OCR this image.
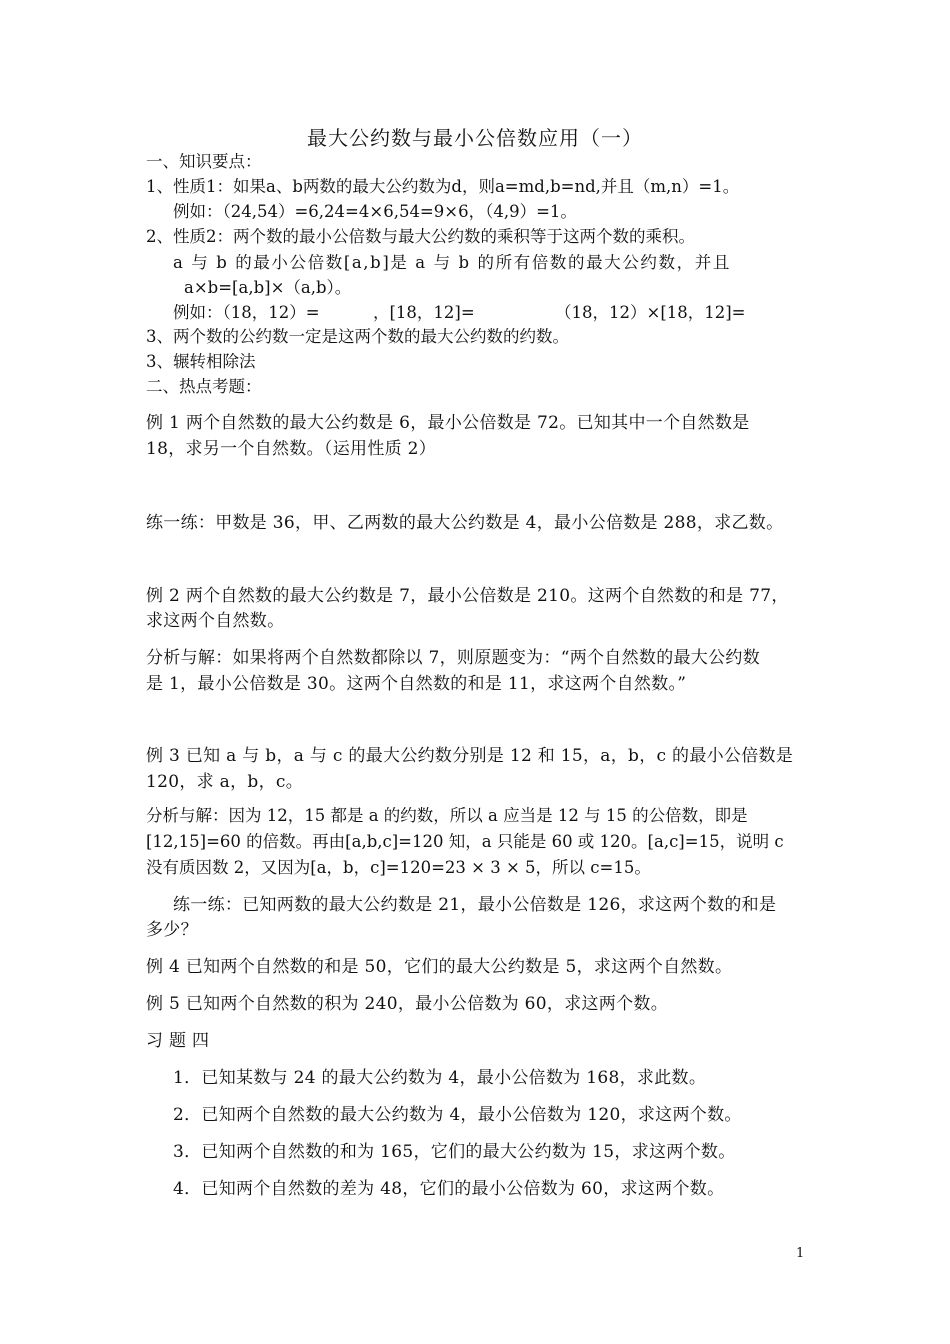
最大公约数与最小公倍数应用（一）
一、知识要点：
1、性质1：如果a、b两数的最大公约数为d，则a=md,b=nd,并且（m,n）=1。
例如：（24,54）=6,24=4×6,54=9×6，（4,9）=1。
2、性质2：两个数的最小公倍数与最大公约数的乘积等于这两个数的乘积。
a 与 b 的最小公倍数[a,b]是 a 与 b 的所有倍数的最大公约数，并且
a×b=[a,b]×（a,b）。
例如：（18，12）=	，[18，12]=	（18，12）×[18，12]=
3、两个数的公约数一定是这两个数的最大公约数的约数。
3、辗转相除法
二、热点考题：
例 1 两个自然数的最大公约数是 6，最小公倍数是 72。已知其中一个自然数是
18，求另一个自然数。（运用性质 2）
练一练：甲数是 36，甲、乙两数的最大公约数是 4，最小公倍数是 288，求乙数。
例 2 两个自然数的最大公约数是 7，最小公倍数是 210。这两个自然数的和是 77，
求这两个自然数。
分析与解：如果将两个自然数都除以 7，则原题变为：“两个自然数的最大公约数
是 1，最小公倍数是 30。这两个自然数的和是 11，求这两个自然数。”
例 3 已知 a 与 b，a 与 c 的最大公约数分别是 12 和 15，a，b，c 的最小公倍数是
120，求 a，b，c。
分析与解：因为 12，15 都是 a 的约数，所以 a 应当是 12 与 15 的公倍数，即是
[12,15]=60 的倍数。再由[a,b,c]=120 知，a 只能是 60 或 120。[a,c]=15，说明 c
没有质因数 2，又因为[a，b，c]=120=23 × 3 × 5，所以 c=15。
练一练：已知两数的最大公约数是 21，最小公倍数是 126，求这两个数的和是
多少？
例 4 已知两个自然数的和是 50，它们的最大公约数是 5，求这两个自然数。
例 5 已知两个自然数的积为 240，最小公倍数为 60，求这两个数。
习 题 四
1．已知某数与 24 的最大公约数为 4，最小公倍数为 168，求此数。
2．已知两个自然数的最大公约数为 4，最小公倍数为 120，求这两个数。
3．已知两个自然数的和为 165，它们的最大公约数为 15，求这两个数。
4．已知两个自然数的差为 48，它们的最小公倍数为 60，求这两个数。
1
